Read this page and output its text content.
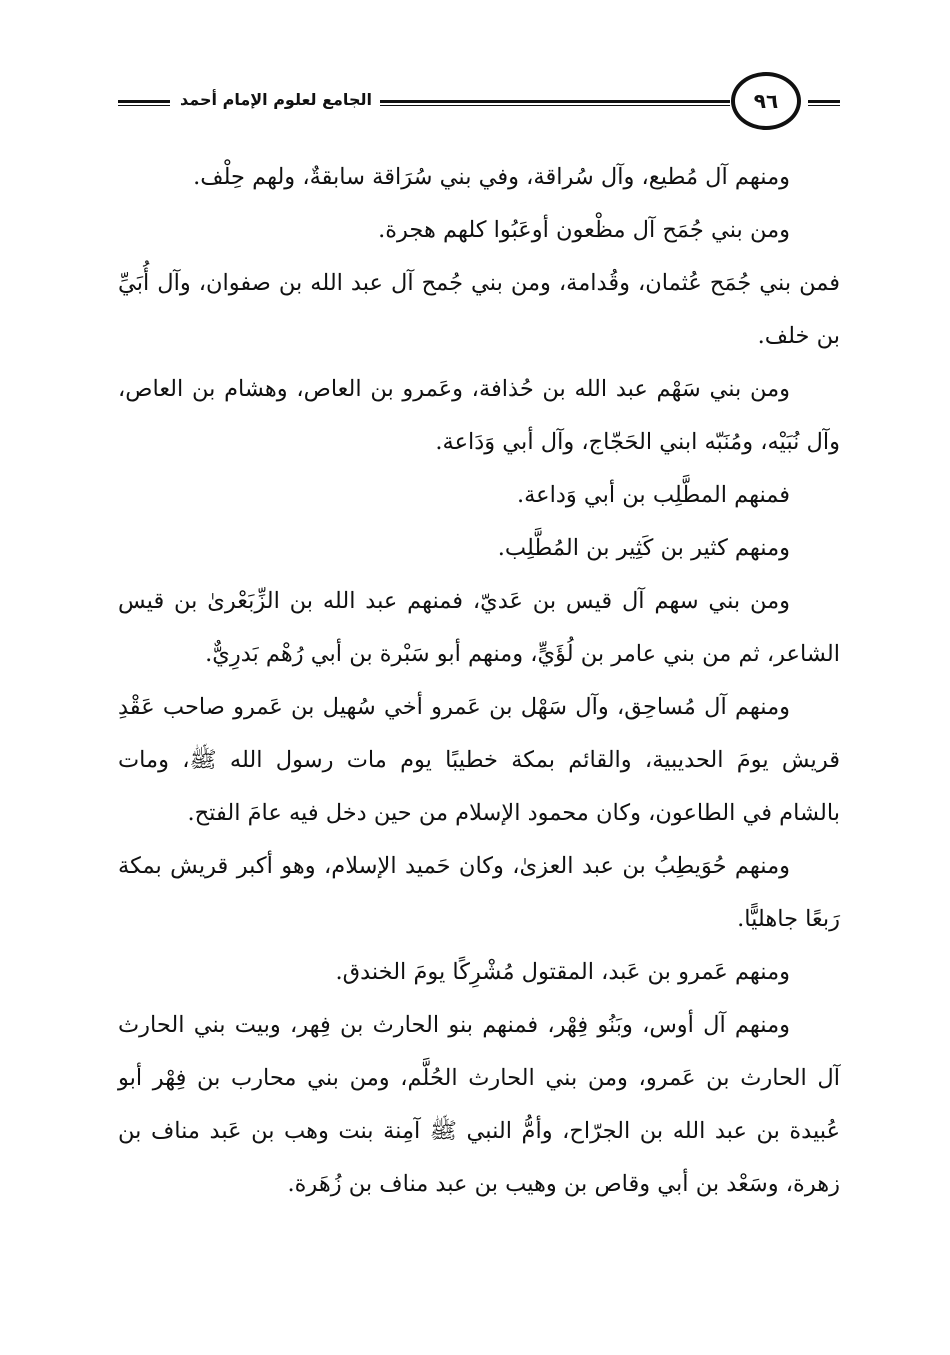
الجامع لعلوم الإمام أحمد	٩٦

ومنهم آل مُطيع، وآل سُراقة، وفي بني سُرَاقة سابقةٌ، ولهم حِلْف.

ومن بني جُمَح آل مظْعون أوعَبُوا كلهم هجرة.

فمن بني جُمَح عُثمان، وقُدامة، ومن بني جُمح آل عبد الله بن صفوان، وآل أُبَيِّ بن خلف.

ومن بني سَهْم عبد الله بن حُذافة، وعَمرو بن العاص، وهشام بن العاص، وآل نُبَيْه، ومُنَبّه ابني الحَجّاج، وآل أبي وَدَاعة.

فمنهم المطَّلِب بن أبي وَداعة.

ومنهم كثير بن كَثِير بن المُطَّلِب.

ومن بني سهم آل قيس بن عَديّ، فمنهم عبد الله بن الزِّبَعْرىٰ بن قيس الشاعر، ثم من بني عامر بن لُؤَيٍّ، ومنهم أبو سَبْرة بن أبي رُهْم بَدرِيٌّ.

ومنهم آل مُساحِق، وآل سَهْل بن عَمرو أخي سُهيل بن عَمرو صاحب عَقْدِ قريش يومَ الحديبية، والقائم بمكة خطيبًا يوم مات رسول الله ﷺ، ومات بالشام في الطاعون، وكان محمود الإسلام من حين دخل فيه عامَ الفتح.

ومنهم حُوَيطِبُ بن عبد العزىٰ، وكان حَميد الإسلام، وهو أكبر قريش بمكة رَبعًا جاهليًّا.

ومنهم عَمرو بن عَبد، المقتول مُشْرِكًا يومَ الخندق.

ومنهم آل أوس، وبَنُو فِهْر، فمنهم بنو الحارث بن فِهر، وبيت بني الحارث آل الحارث بن عَمرو، ومن بني الحارث الحُلَّم، ومن بني محارب بن فِهْر أبو عُبيدة بن عبد الله بن الجرّاح، وأمُّ النبي ﷺ آمِنة بنت وهب بن عَبد مناف بن زهرة، وسَعْد بن أبي وقاص بن وهيب بن عبد مناف بن زُهَرة.
